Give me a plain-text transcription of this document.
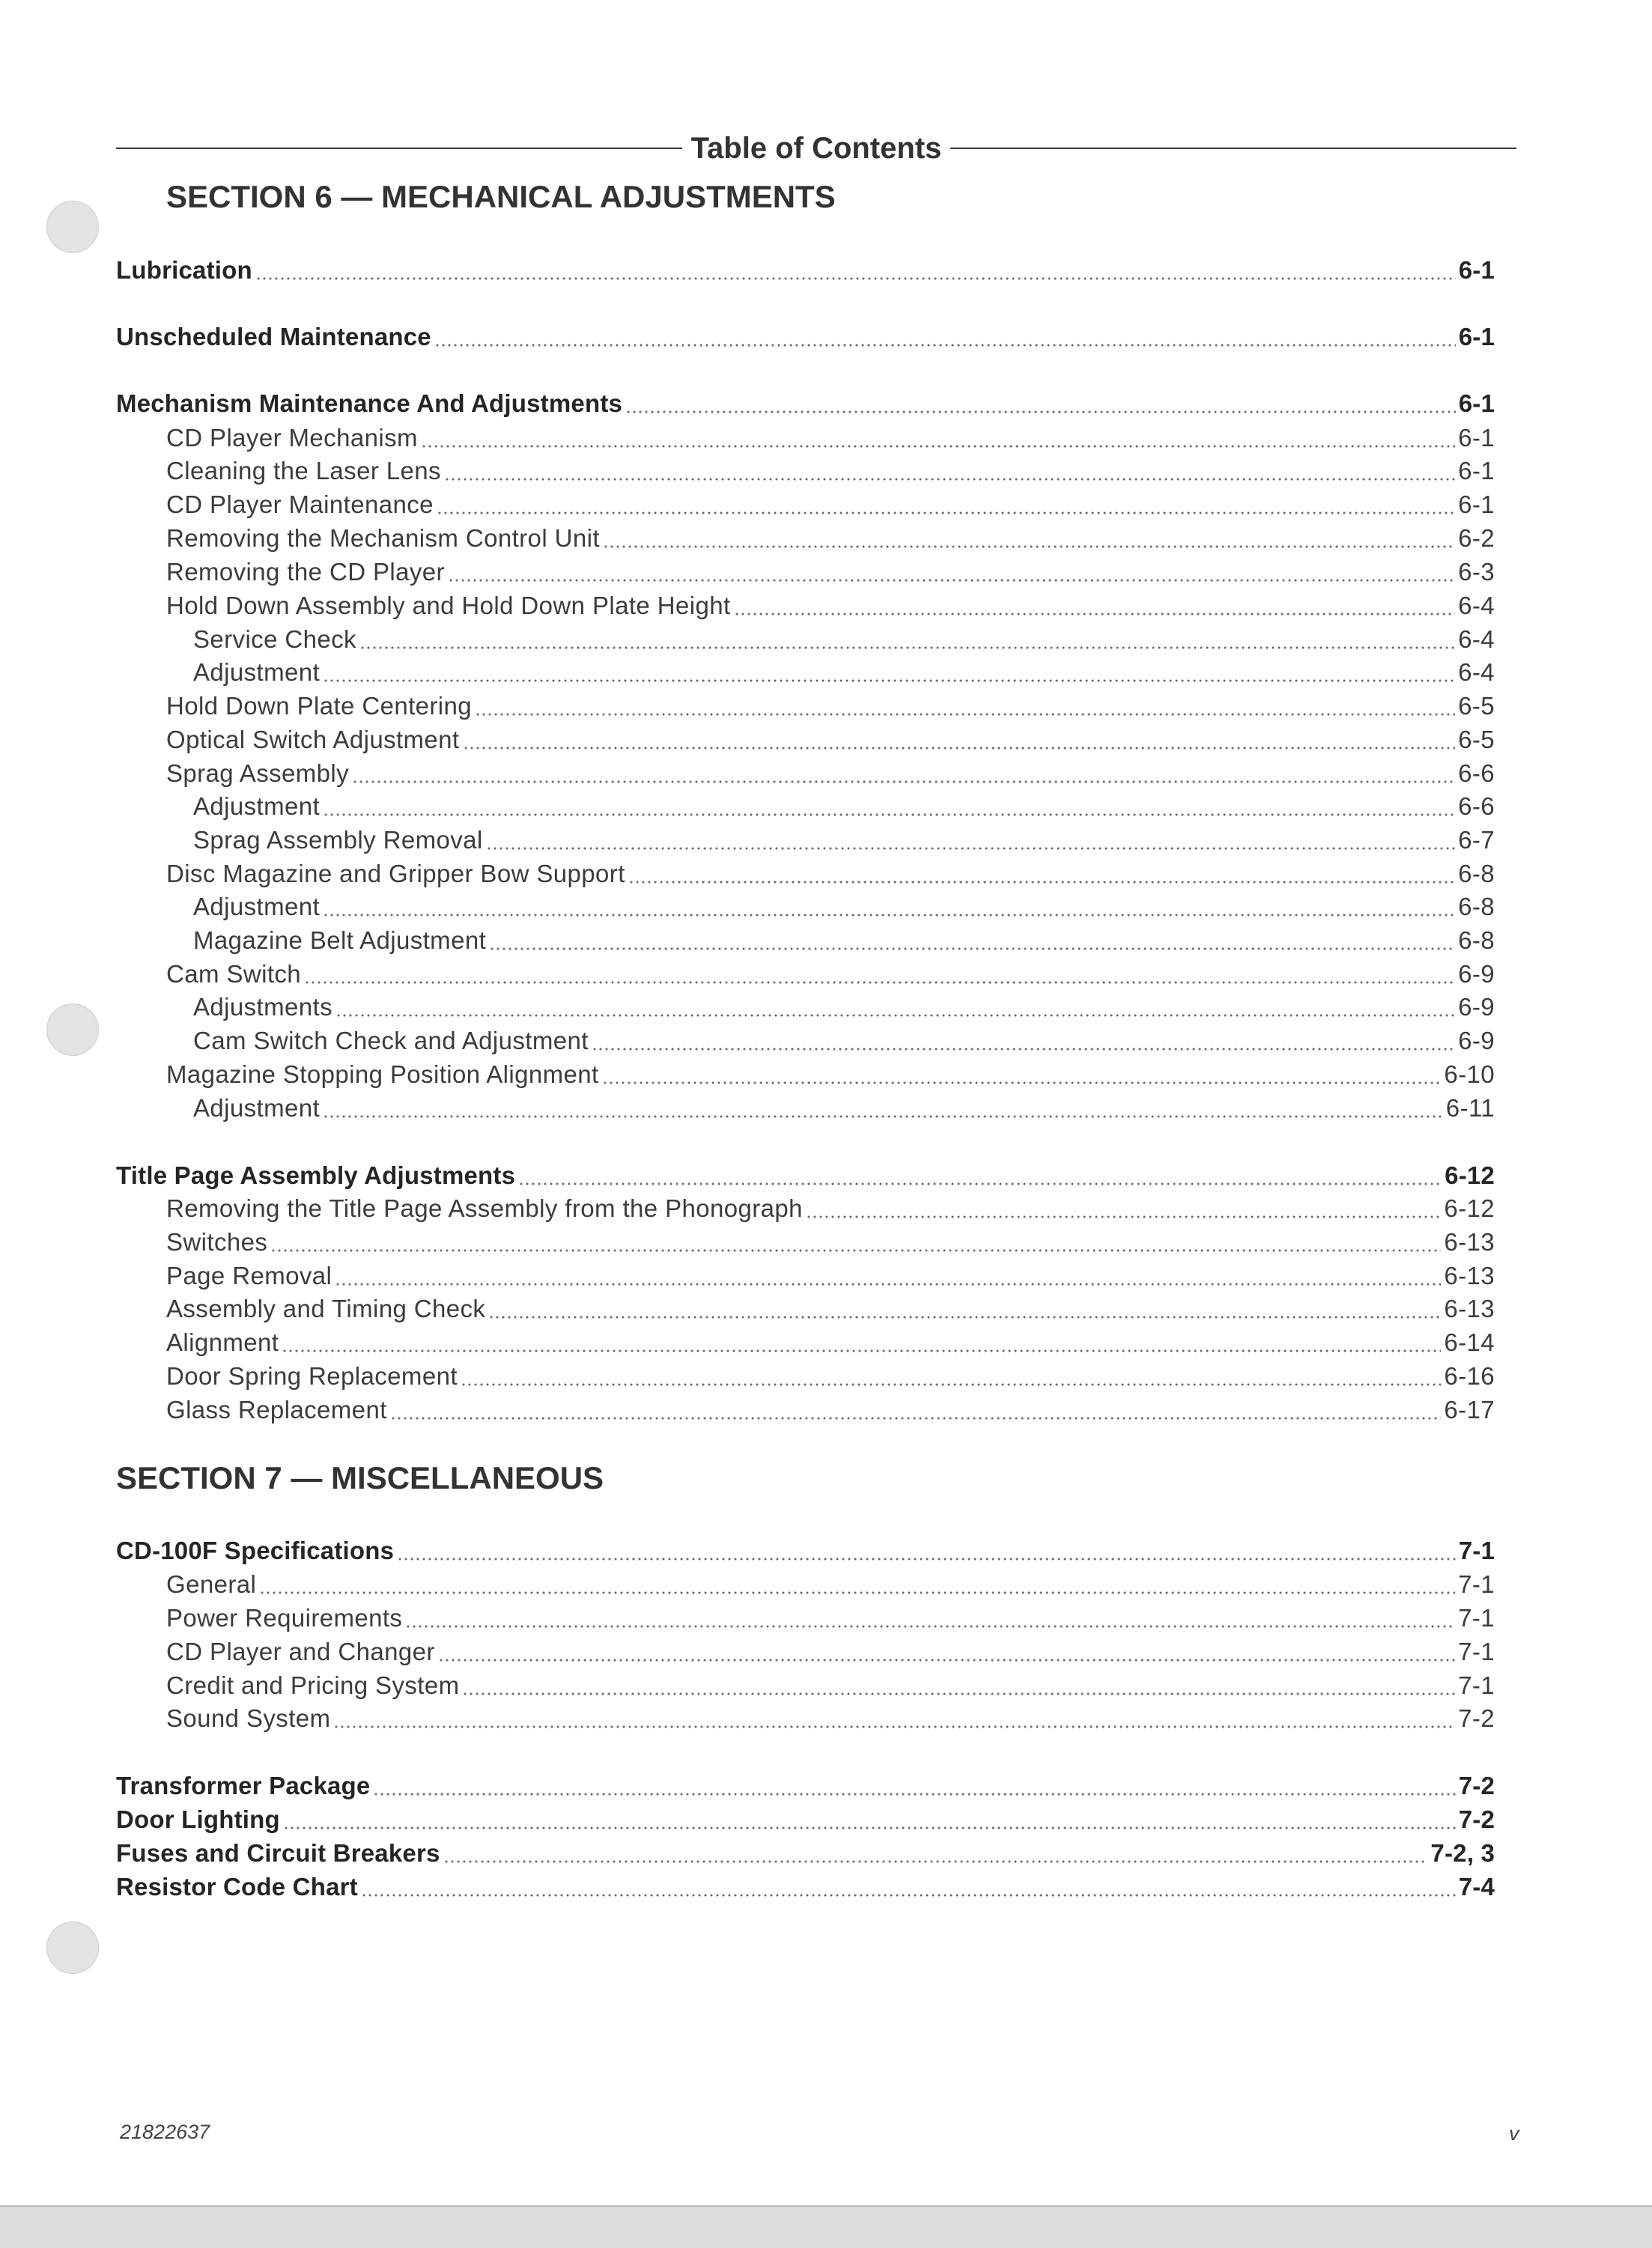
Table of Contents
SECTION 6 — MECHANICAL ADJUSTMENTS
Lubrication	6-1
Unscheduled Maintenance	6-1
Mechanism Maintenance And Adjustments	6-1
CD Player Mechanism	6-1
Cleaning the Laser Lens	6-1
CD Player Maintenance	6-1
Removing the Mechanism Control Unit	6-2
Removing the CD Player	6-3
Hold Down Assembly and Hold Down Plate Height	6-4
Service Check	6-4
Adjustment	6-4
Hold Down Plate Centering	6-5
Optical Switch Adjustment	6-5
Sprag Assembly	6-6
Adjustment	6-6
Sprag Assembly Removal	6-7
Disc Magazine and Gripper Bow Support	6-8
Adjustment	6-8
Magazine Belt Adjustment	6-8
Cam Switch	6-9
Adjustments	6-9
Cam Switch Check and Adjustment	6-9
Magazine Stopping Position Alignment	6-10
Adjustment	6-11
Title Page Assembly Adjustments	6-12
Removing the Title Page Assembly from the Phonograph	6-12
Switches	6-13
Page Removal	6-13
Assembly and Timing Check	6-13
Alignment	6-14
Door Spring Replacement	6-16
Glass Replacement	6-17
SECTION 7 — MISCELLANEOUS
CD-100F Specifications	7-1
General	7-1
Power Requirements	7-1
CD Player and Changer	7-1
Credit and Pricing System	7-1
Sound System	7-2
Transformer Package	7-2
Door Lighting	7-2
Fuses and Circuit Breakers	7-2, 3
Resistor Code Chart	7-4
21822637	v
